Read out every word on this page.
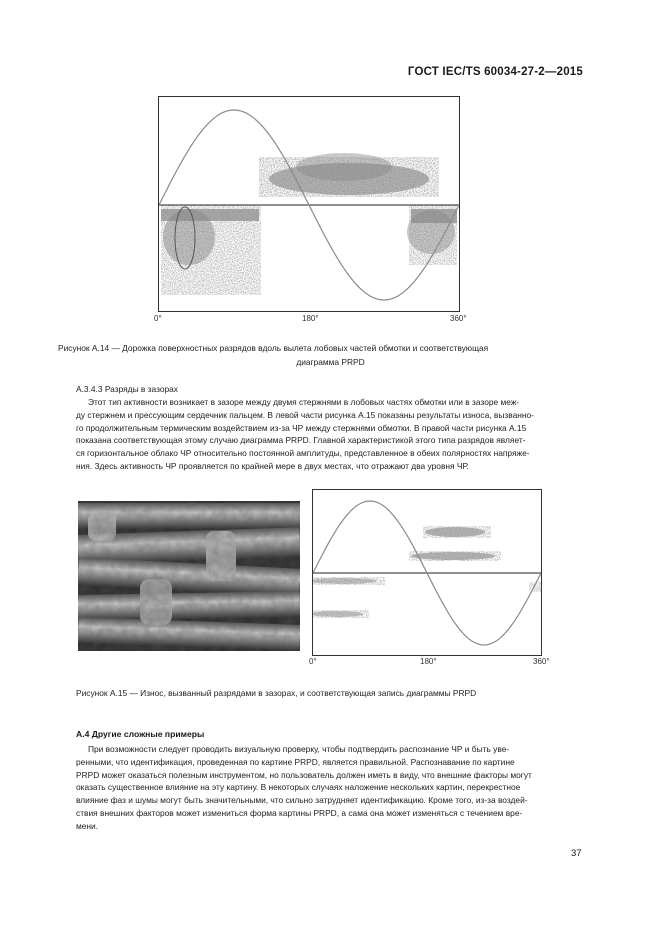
ГОСТ IEC/TS 60034-27-2—2015
0°	180°	360°
Рисунок А.14 — Дорожка поверхностных разрядов вдоль вылета лобовых частей обмотки и соответствующая
диаграмма PRPD
А.3.4.3 Разряды в зазорах
Этот тип активности возникает в зазоре между двумя стержнями в лобовых частях обмотки или в зазоре меж-
ду стержнем и прессующим сердечник пальцем. В левой части рисунка А.15 показаны результаты износа, вызванно-
го продолжительным термическим воздействием из-за ЧР между стержнями обмотки. В правой части рисунка А.15
показана соответствующая этому случаю диаграмма PRPD. Главной характеристикой этого типа разрядов являет-
ся горизонтальное облако ЧР относительно постоянной амплитуды, представленное в обеих полярностях напряже-
ния. Здесь активность ЧР проявляется по крайней мере в двух местах, что отражают два уровня ЧР.
0°	180°	360°
Рисунок А.15 — Износ, вызванный разрядами в зазорах, и соответствующая запись диаграммы PRPD
А.4 Другие сложные примеры
При возможности следует проводить визуальную проверку, чтобы подтвердить распознание ЧР и быть уве-
ренными, что идентификация, проведенная по картине PRPD, является правильной. Распознавание по картине
PRPD может оказаться полезным инструментом, но пользователь должен иметь в виду, что внешние факторы могут
оказать существенное влияние на эту картину. В некоторых случаях наложение нескольких картин, перекрестное
влияние фаз и шумы могут быть значительными, что сильно затрудняет идентификацию. Кроме того, из-за воздей-
ствия внешних факторов может измениться форма картины PRPD, а сама она может изменяться с течением вре-
мени.
37
